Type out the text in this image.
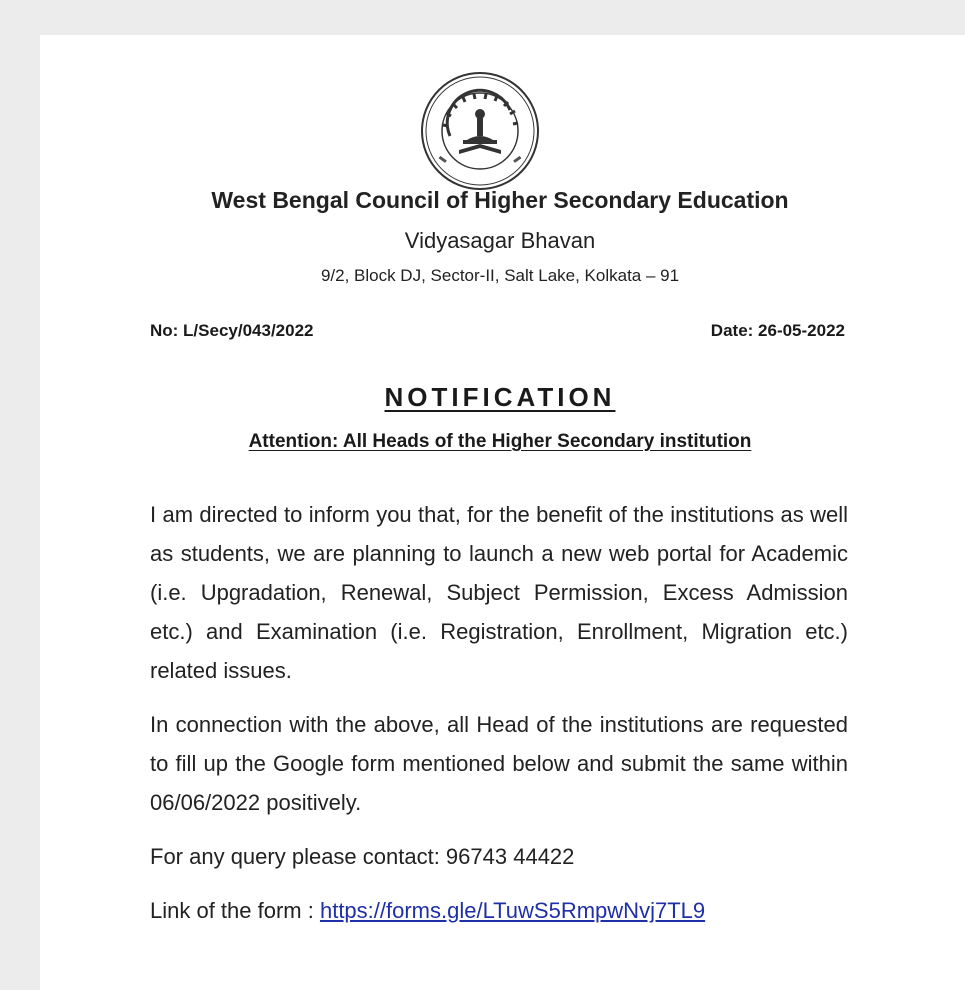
West Bengal Council of Higher Secondary Education
Vidyasagar Bhavan
9/2, Block DJ, Sector-II, Salt Lake, Kolkata – 91
No: L/Secy/043/2022	Date: 26-05-2022
NOTIFICATION
Attention: All Heads of the Higher Secondary institution
I am directed to inform you that, for the benefit of the institutions as well as students, we are planning to launch a new web portal for Academic (i.e. Upgradation, Renewal, Subject Permission, Excess Admission etc.) and Examination (i.e. Registration, Enrollment, Migration etc.) related issues.
In connection with the above, all Head of the institutions are requested to fill up the Google form mentioned below and submit the same within 06/06/2022 positively.
For any query please contact: 96743 44422
Link of the form : https://forms.gle/LTuwS5RmpwNvj7TL9
